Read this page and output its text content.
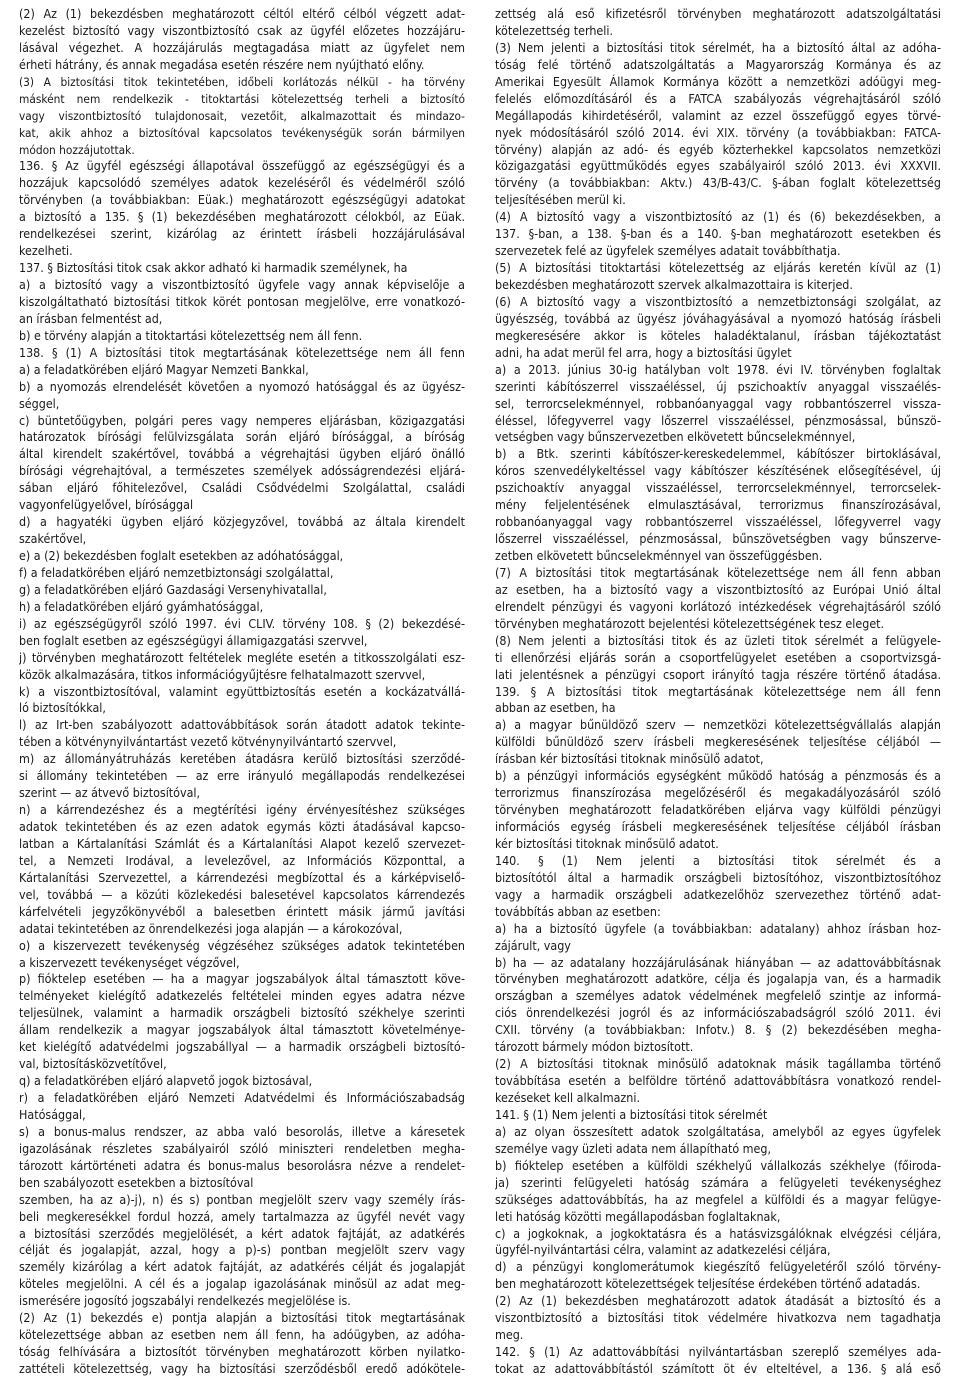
(2) Az (1) bekezdésben meghatározott céltól eltérő célból végzett adat-
kezelést biztosító vagy viszontbiztosító csak az ügyfél előzetes hozzájáru-
lásával végezhet. A hozzájárulás megtagadása miatt az ügyfelet nem
érheti hátrány, és annak megadása esetén részére nem nyújtható előny.
(3) A biztosítási titok tekintetében, időbeli korlátozás nélkül - ha törvény
másként nem rendelkezik - titoktartási kötelezettség terheli a biztosító
vagy viszontbiztosító tulajdonosait, vezetőit, alkalmazottait és mindazo-
kat, akik ahhoz a biztosítóval kapcsolatos tevékenységük során bármilyen
módon hozzájutottak.
136. § Az ügyfél egészségi állapotával összefüggő az egészségügyi és a
hozzájuk kapcsolódó személyes adatok kezeléséről és védelméről szóló
törvényben (a továbbiakban: Eüak.) meghatározott egészségügyi adatokat
a biztosító a 135. § (1) bekezdésében meghatározott célokból, az Eüak.
rendelkezései szerint, kizárólag az érintett írásbeli hozzájárulásával
kezelheti.
137. § Biztosítási titok csak akkor adható ki harmadik személynek, ha
a) a biztosító vagy a viszontbiztosító ügyfele vagy annak képviselője a
kiszolgáltatható biztosítási titkok körét pontosan megjelölve, erre vonatkozó-
an írásban felmentést ad,
b) e törvény alapján a titoktartási kötelezettség nem áll fenn.
138. § (1) A biztosítási titok megtartásának kötelezettsége nem áll fenn
a) a feladatkörében eljáró Magyar Nemzeti Bankkal,
b) a nyomozás elrendelését követően a nyomozó hatósággal és az ügyész-
séggel,
c) büntetőügyben, polgári peres vagy nemperes eljárásban, közigazgatási
határozatok bírósági felülvizsgálata során eljáró bírósággal, a bíróság
által kirendelt szakértővel, továbbá a végrehajtási ügyben eljáró önálló
bírósági végrehajtóval, a természetes személyek adósságrendezési eljárá-
sában eljáró főhitelezővel, Családi Csődvédelmi Szolgálattal, családi
vagyonfelügyelővel, bírósággal
d) a hagyatéki ügyben eljáró közjegyzővel, továbbá az általa kirendelt
szakértővel,
e) a (2) bekezdésben foglalt esetekben az adóhatósággal,
f) a feladatkörében eljáró nemzetbiztonsági szolgálattal,
g) a feladatkörében eljáró Gazdasági Versenyhivatallal,
h) a feladatkörében eljáró gyámhatósággal,
i) az egészségügyről szóló 1997. évi CLIV. törvény 108. § (2) bekezdésé-
ben foglalt esetben az egészségügyi államigazgatási szervvel,
j) törvényben meghatározott feltételek megléte esetén a titkosszolgálati esz-
közök alkalmazására, titkos információgyűjtésre felhatalmazott szervvel,
k) a viszontbiztosítóval, valamint együttbiztosítás esetén a kockázatvállá-
ló biztosítókkal,
l) az Irt-ben szabályozott adattovábbítások során átadott adatok tekinte-
tében a kötvénynyilvántartást vezető kötvénynyilvántartó szervvel,
m) az állományátruházás keretében átadásra kerülő biztosítási szerződé-
si állomány tekintetében — az erre irányuló megállapodás rendelkezései
szerint — az átvevő biztosítóval,
n) a kárrendezéshez és a megtérítési igény érvényesítéshez szükséges
adatok tekintetében és az ezen adatok egymás közti átadásával kapcso-
latban a Kártalanítási Számlát és a Kártalanítási Alapot kezelő szervezet-
tel, a Nemzeti Irodával, a levelezővel, az Információs Központtal, a
Kártalanítási Szervezettel, a kárrendezési megbízottal és a kárképviselő-
vel, továbbá — a közúti közlekedési balesetével kapcsolatos kárrendezés
kárfelvételi jegyzőkönyvéből a balesetben érintett másik jármű javítási
adatai tekintetében az önrendelkezési joga alapján — a károkozóval,
o) a kiszervezett tevékenység végzéséhez szükséges adatok tekintetében
a kiszervezett tevékenységet végzővel,
p) fióktelep esetében — ha a magyar jogszabályok által támasztott köve-
telményeket kielégítő adatkezelés feltételei minden egyes adatra nézve
teljesülnek, valamint a harmadik országbeli biztosító székhelye szerinti
állam rendelkezik a magyar jogszabályok által támasztott követelménye-
ket kielégítő adatvédelmi jogszabállyal — a harmadik országbeli biztosító-
val, biztosításközvetítővel,
q) a feladatkörében eljáró alapvető jogok biztosával,
r) a feladatkörében eljáró Nemzeti Adatvédelmi és Információszabadság
Hatósággal,
s) a bonus-malus rendszer, az abba való besorolás, illetve a káresetek
igazolásának részletes szabályairól szóló miniszteri rendeletben megha-
tározott kártörténeti adatra és bonus-malus besorolásra nézve a rendelet-
ben szabályozott esetekben a biztosítóval
szemben, ha az a)-j), n) és s) pontban megjelölt szerv vagy személy írás-
beli megkeresékkel fordul hozzá, amely tartalmazza az ügyfél nevét vagy
a biztosítási szerződés megjelölését, a kért adatok fajtáját, az adatkérés
célját és jogalapját, azzal, hogy a p)-s) pontban megjelölt szerv vagy
személy kizárólag a kért adatok fajtáját, az adatkérés célját és jogalapját
köteles megjelölni. A cél és a jogalap igazolásának minősül az adat meg-
ismerésére jogosító jogszabályi rendelkezés megjelölése is.
(2) Az (1) bekezdés e) pontja alapján a biztosítási titok megtartásának
kötelezettsége abban az esetben nem áll fenn, ha adóügyben, az adóha-
tóság felhívására a biztosítót törvényben meghatározott körben nyilatko-
zattételi kötelezettség, vagy ha biztosítási szerződésből eredő adókötele-
zettség alá eső kifizetésről törvényben meghatározott adatszolgáltatási
kötelezettség terheli.
(3) Nem jelenti a biztosítási titok sérelmét, ha a biztosító által az adóha-
tóság felé történő adatszolgáltatás a Magyarország Kormánya és az
Amerikai Egyesült Államok Kormánya között a nemzetközi adóügyi meg-
felelés előmozdításáról és a FATCA szabályozás végrehajtásáról szóló
Megállapodás kihirdetéséről, valamint az ezzel összefüggő egyes törvé-
nyek módosításáról szóló 2014. évi XIX. törvény (a továbbiakban: FATCA-
törvény) alapján az adó- és egyéb közterhekkel kapcsolatos nemzetközi
közigazgatási együttműködés egyes szabályairól szóló 2013. évi XXXVII.
törvény (a továbbiakban: Aktv.) 43/B-43/C. §-ában foglalt kötelezettség
teljesítésében merül ki.
(4) A biztosító vagy a viszontbiztosító az (1) és (6) bekezdésekben, a
137. §-ban, a 138. §-ban és a 140. §-ban meghatározott esetekben és
szervezetek felé az ügyfelek személyes adatait továbbíthatja.
(5) A biztosítási titoktartási kötelezettség az eljárás keretén kívül az (1)
bekezdésben meghatározott szervek alkalmazottaira is kiterjed.
(6) A biztosító vagy a viszontbiztosító a nemzetbiztonsági szolgálat, az
ügyészség, továbbá az ügyész jóváhagyásával a nyomozó hatóság írásbeli
megkeresésére akkor is köteles haladéktalanul, írásban tájékoztatást
adni, ha adat merül fel arra, hogy a biztosítási ügylet
a) a 2013. június 30-ig hatályban volt 1978. évi IV. törvényben foglaltak
szerinti kábítószerrel visszaéléssel, új pszichoaktív anyaggal visszaélés-
sel, terrorcselekménnyel, robbanóanyaggal vagy robbantószerrel vissza-
éléssel, lőfegyverrel vagy lőszerrel visszaéléssel, pénzmosással, bűnszö-
vetségben vagy bűnszervezetben elkövetett bűncselekménnyel,
b) a Btk. szerinti kábítószer-kereskedelemmel, kábítószer birtoklásával,
kóros szenvedélykeltéssel vagy kábítószer készítésének elősegítésével, új
pszichoaktív anyaggal visszaéléssel, terrorcselekménnyel, terrorcselek-
mény feljelentésének elmulasztásával, terrorizmus finanszírozásával,
robbanóanyaggal vagy robbantószerrel visszaéléssel, lőfegyverrel vagy
lőszerrel visszaéléssel, pénzmosással, bűnszövetségben vagy bűnszerve-
zetben elkövetett bűncselekménnyel van összefüggésben.
(7) A biztosítási titok megtartásának kötelezettsége nem áll fenn abban
az esetben, ha a biztosító vagy a viszontbiztosító az Európai Unió által
elrendelt pénzügyi és vagyoni korlátozó intézkedések végrehajtásáról szóló
törvényben meghatározott bejelentési kötelezettségének tesz eleget.
(8) Nem jelenti a biztosítási titok és az üzleti titok sérelmét a felügyele-
ti ellenőrzési eljárás során a csoportfelügyelet esetében a csoportvizsgá-
lati jelentésnek a pénzügyi csoport irányító tagja részére történő átadása.
139. § A biztosítási titok megtartásának kötelezettsége nem áll fenn
abban az esetben, ha
a) a magyar bűnüldöző szerv — nemzetközi kötelezettségvállalás alapján
külföldi bűnüldöző szerv írásbeli megkeresésének teljesítése céljából —
írásban kér biztosítási titoknak minősülő adatot,
b) a pénzügyi információs egységként működő hatóság a pénzmosás és a
terrorizmus finanszírozása megelőzéséről és megakadályozásáról szóló
törvényben meghatározott feladatkörében eljárva vagy külföldi pénzügyi
információs egység írásbeli megkeresésének teljesítése céljából írásban
kér biztosítási titoknak minősülő adatot.
140. § (1) Nem jelenti a biztosítási titok sérelmét és a
biztosítótól által a harmadik országbeli biztosítóhoz, viszontbiztosítóhoz
vagy a harmadik országbeli adatkezelőhöz szervezethez történő adat-
továbbítás abban az esetben:
a) ha a biztosító ügyfele (a továbbiakban: adatalany) ahhoz írásban hoz-
zájárult, vagy
b) ha — az adatalany hozzájárulásának hiányában — az adattovábbításnak
törvényben meghatározott adatköre, célja és jogalapja van, és a harmadik
országban a személyes adatok védelmének megfelelő szintje az informá-
ciós önrendelkezési jogról és az információszabadságról szóló 2011. évi
CXII. törvény (a továbbiakban: Infotv.) 8. § (2) bekezdésében megha-
tározott bármely módon biztosított.
(2) A biztosítási titoknak minősülő adatoknak másik tagállamba történő
továbbítása esetén a belföldre történő adattovábbításra vonatkozó rendel-
kezéseket kell alkalmazni.
141. § (1) Nem jelenti a biztosítási titok sérelmét
a) az olyan összesített adatok szolgáltatása, amelyből az egyes ügyfelek
személye vagy üzleti adata nem állapítható meg,
b) fióktelep esetében a külföldi székhelyű vállalkozás székhelye (főiroda-
ja) szerinti felügyeleti hatóság számára a felügyeleti tevékenységhez
szükséges adattovábbítás, ha az megfelel a külföldi és a magyar felügye-
leti hatóság közötti megállapodásban foglaltaknak,
c) a jogkoknak, a jogkoktatásra és a hatásvizsgálóknak elvégzési céljára,
ügyfél-nyilvántartási célra, valamint az adatkezelési céljára,
d) a pénzügyi konglomerátumok kiegészítő felügyeletéről szóló törvény-
ben meghatározott kötelezettségek teljesítése érdekében történő adatadás.
(2) Az (1) bekezdésben meghatározott adatok átadását a biztosító és a
viszontbiztosító a biztosítási titok védelmére hivatkozva nem tagadhatja
meg.
142. § (1) Az adattovábbítási nyilvántartásban szereplő személyes ada-
tokat az adattovábbítástól számított öt év elteltével, a 136. § alá eső
